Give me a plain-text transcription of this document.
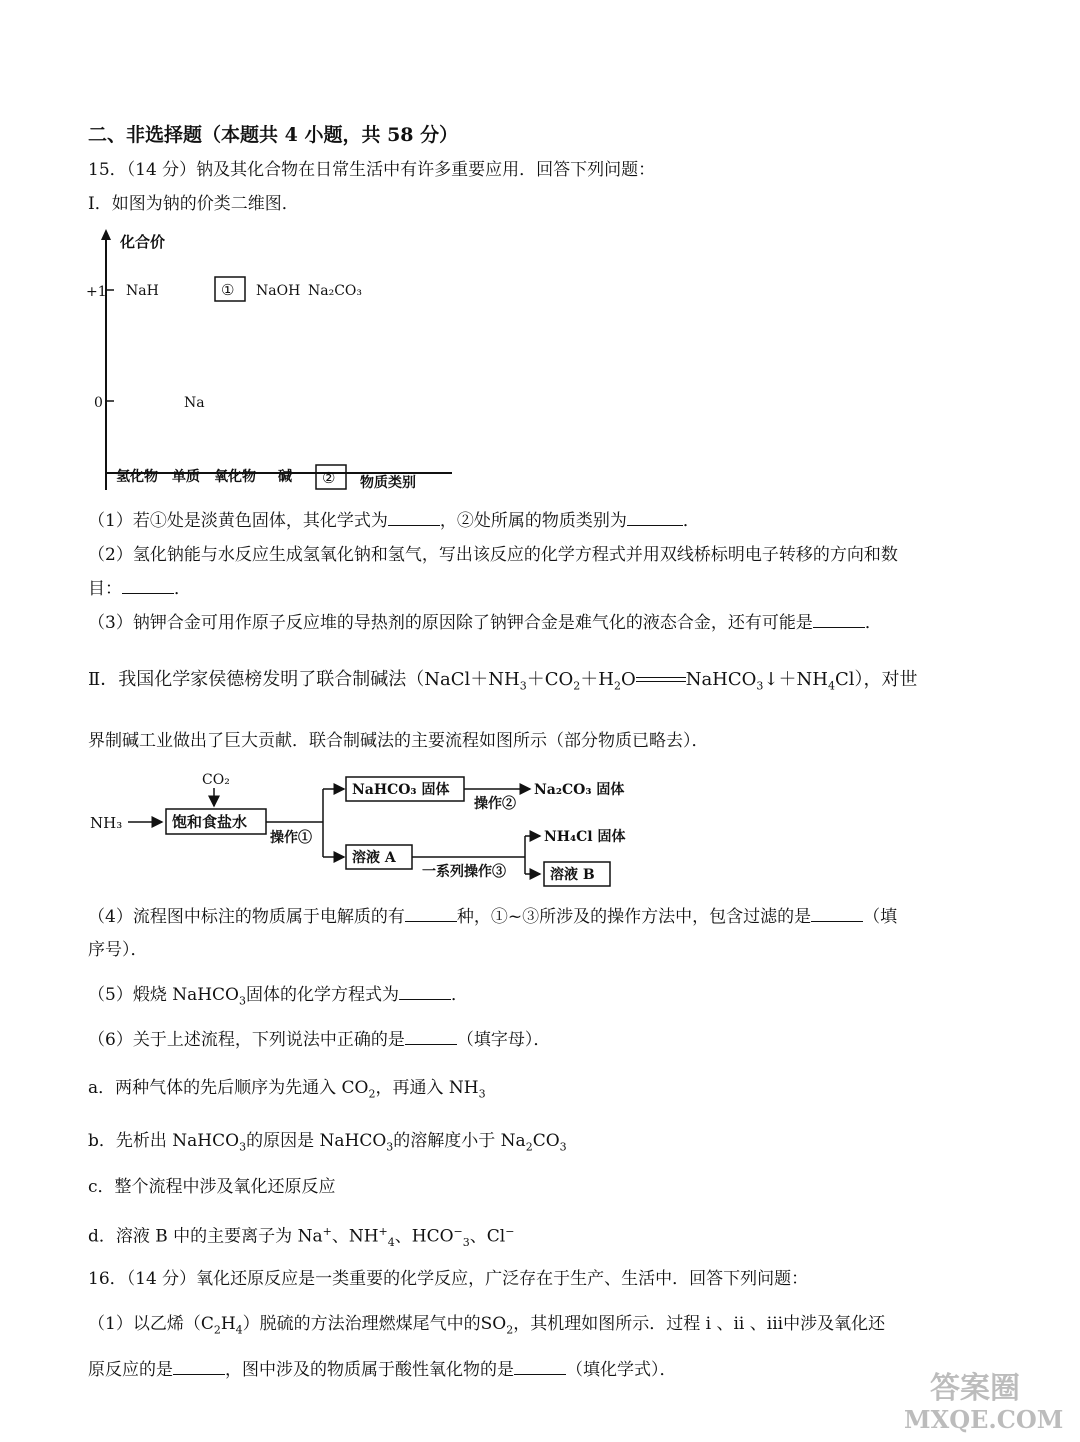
二、非选择题（本题共 4 小题，共 58 分）
15．（14 分）钠及其化合物在日常生活中有许多重要应用．回答下列问题：
Ⅰ．如图为钠的价类二维图．
化合价
+1
0
NaH	① NaOH Na₂CO₃
Na
氢化物 单质 氧化物 碱 ② 物质类别
（1）若①处是淡黄色固体，其化学式为	，②处所属的物质类别为	．
（2）氢化钠能与水反应生成氢氧化钠和氢气，写出该反应的化学方程式并用双线桥标明电子转移的方向和数
目：	．
（3）钠钾合金可用作原子反应堆的导热剂的原因除了钠钾合金是难气化的液态合金，还有可能是	．
Ⅱ．我国化学家侯德榜发明了联合制碱法（$NaCl+NH_3+CO_2+H_2O$	$NaHCO_3↓+NH_4Cl$），对世
界制碱工业做出了巨大贡献．联合制碱法的主要流程如图所示（部分物质已略去）．
NH₃
CO₂
饱和食盐水
操作①
NaHCO₃ 固体
操作②
Na₂CO₃ 固体
溶液 A
一系列操作③
NH₄Cl 固体
溶液 B
（4）流程图中标注的物质属于电解质的有	种，①~③所涉及的操作方法中，包含过滤的是	（填
序号）．
（5）煅烧 NaHCO$_3$固体的化学方程式为	．
（6）关于上述流程，下列说法中正确的是	（填字母）．
a．两种气体的先后顺序为先通入 $CO_2$，再通入 $NH_3$
b．先析出 NaHCO$_3$的原因是 NaHCO$_3$的溶解度小于 $Na_2CO_3$
c．整个流程中涉及氧化还原反应
d．溶液 B 中的主要离子为 Na+、$NH^+_4$、$HCO^-_3$、Cl−
16．（14 分）氧化还原反应是一类重要的化学反应，广泛存在于生产、生活中．回答下列问题：
（1）以乙烯$(C_2H_4)$脱硫的方法治理燃煤尾气中的$SO_2$，其机理如图所示．过程 i 、ii 、iii中涉及氧化还
原反应的是	，图中涉及的物质属于酸性氧化物的是	（填化学式）．
答案圈
MXQE.COM
